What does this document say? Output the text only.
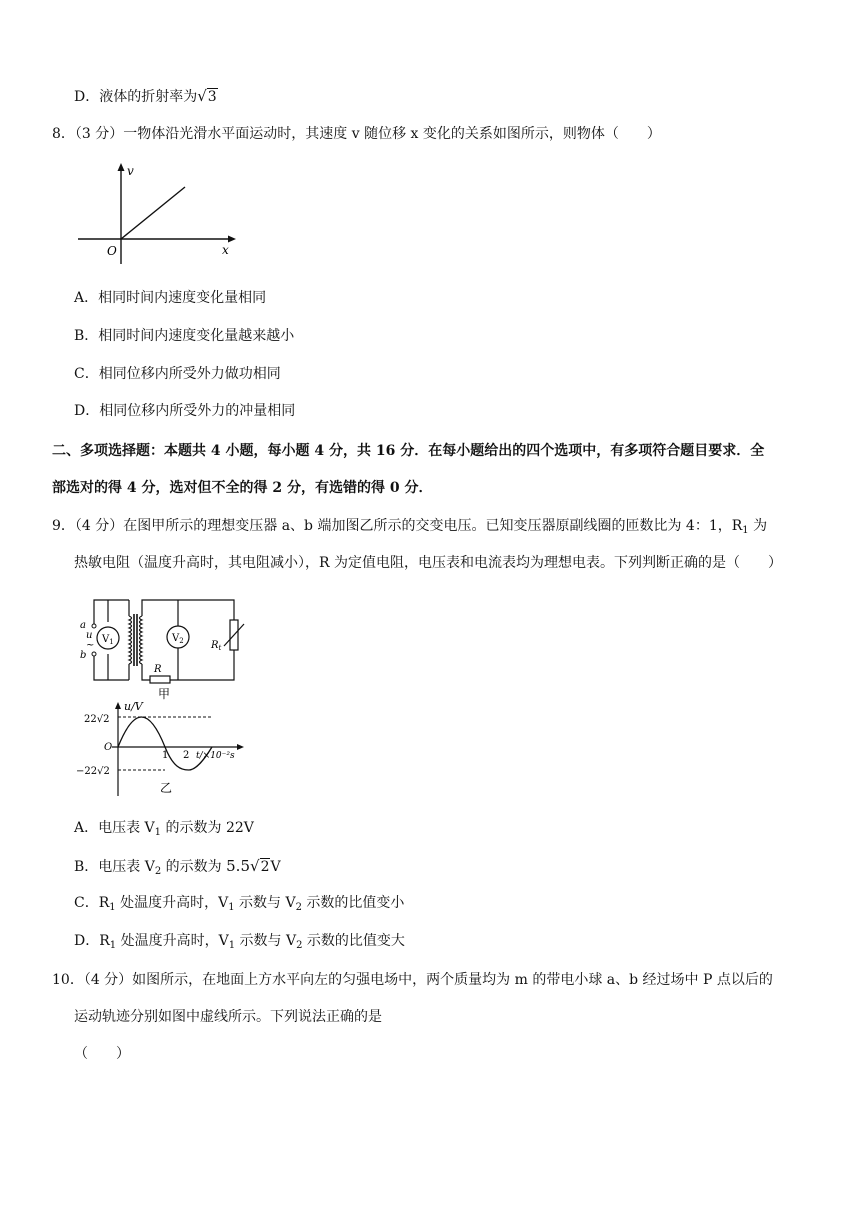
D．液体的折射率为√3
8．（3 分）一物体沿光滑水平面运动时，其速度 v 随位移 x 变化的关系如图所示，则物体（　　）
v
x
O
A．相同时间内速度变化量相同
B．相同时间内速度变化量越来越小
C．相同位移内所受外力做功相同
D．相同位移内所受外力的冲量相同
二、多项选择题：本题共 4 小题，每小题 4 分，共 16 分．在每小题给出的四个选项中，有多项符合题目要求．全
部选对的得 4 分，选对但不全的得 2 分，有选错的得 0 分．
9．（4 分）在图甲所示的理想变压器 a、b 端加图乙所示的交变电压。已知变压器原副线圈的匝数比为 4：1，$R_1$ 为
热敏电阻（温度升高时，其电阻减小），R 为定值电阻，电压表和电流表均为理想电表。下列判断正确的是（　　）
a
u
~
b
$V_1$	$V_2$
R
$R_t$
甲
u/V
22√2
O
−22√2
1 2 t/×10⁻²s
乙
A．电压表 $V_1$ 的示数为 22V
B．电压表 $V_2$ 的示数为 5.5√2V
C．$R_1$ 处温度升高时，$V_1$ 示数与 $V_2$ 示数的比值变小
D．$R_1$ 处温度升高时，$V_1$ 示数与 $V_2$ 示数的比值变大
10．（4 分）如图所示，在地面上方水平向左的匀强电场中，两个质量均为 m 的带电小球 a、b 经过场中 P 点以后的
运动轨迹分别如图中虚线所示。下列说法正确的是
（　　）
